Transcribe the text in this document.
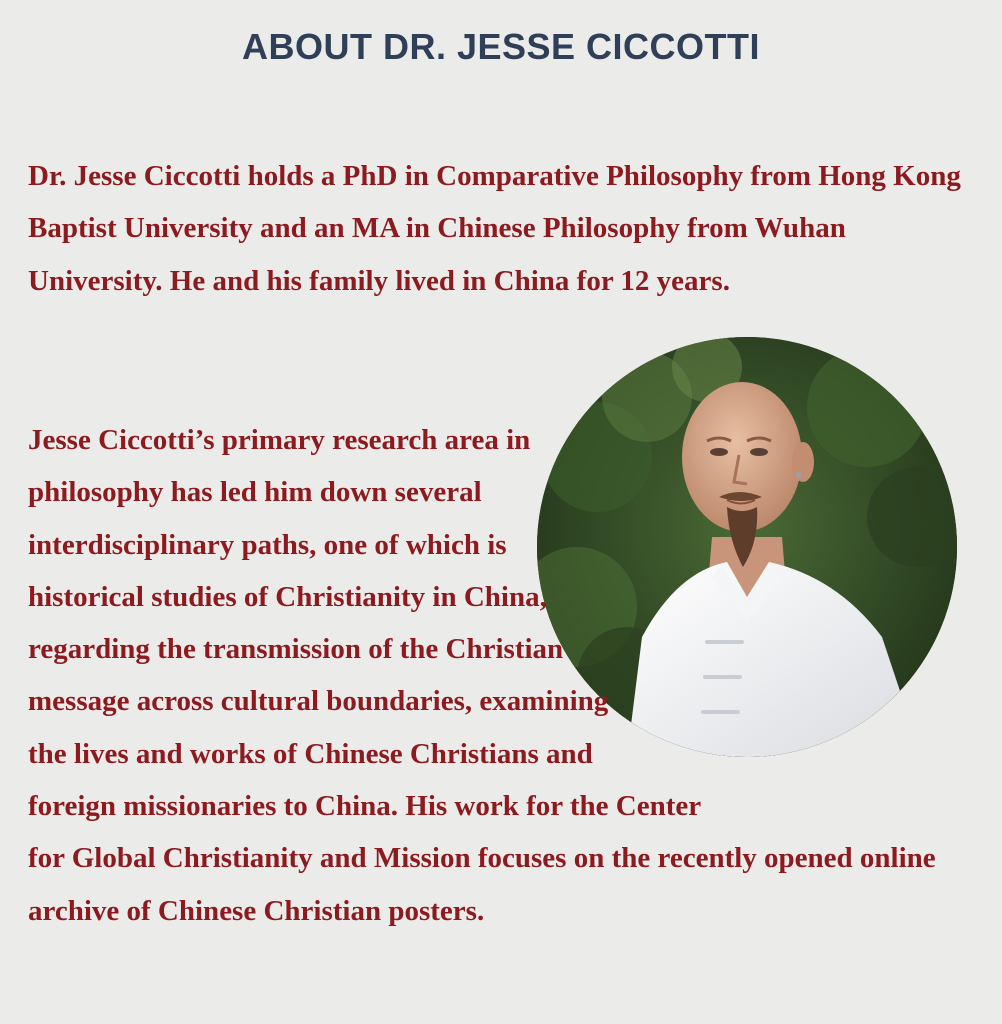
ABOUT DR. JESSE CICCOTTI

Dr. Jesse Ciccotti holds a PhD in Comparative Philosophy from Hong Kong Baptist University and an MA in Chinese Philosophy from Wuhan University. He and his family lived in China for 12 years.

Jesse Ciccotti’s primary research area in philosophy has led him down several interdisciplinary paths, one of which is historical studies of Christianity in China, regarding the transmission of the Christian message across cultural boundaries, examining the lives and works of Chinese Christians and foreign missionaries to China. His work for the Center for Global Christianity and Mission focuses on the recently opened online archive of Chinese Christian posters.
